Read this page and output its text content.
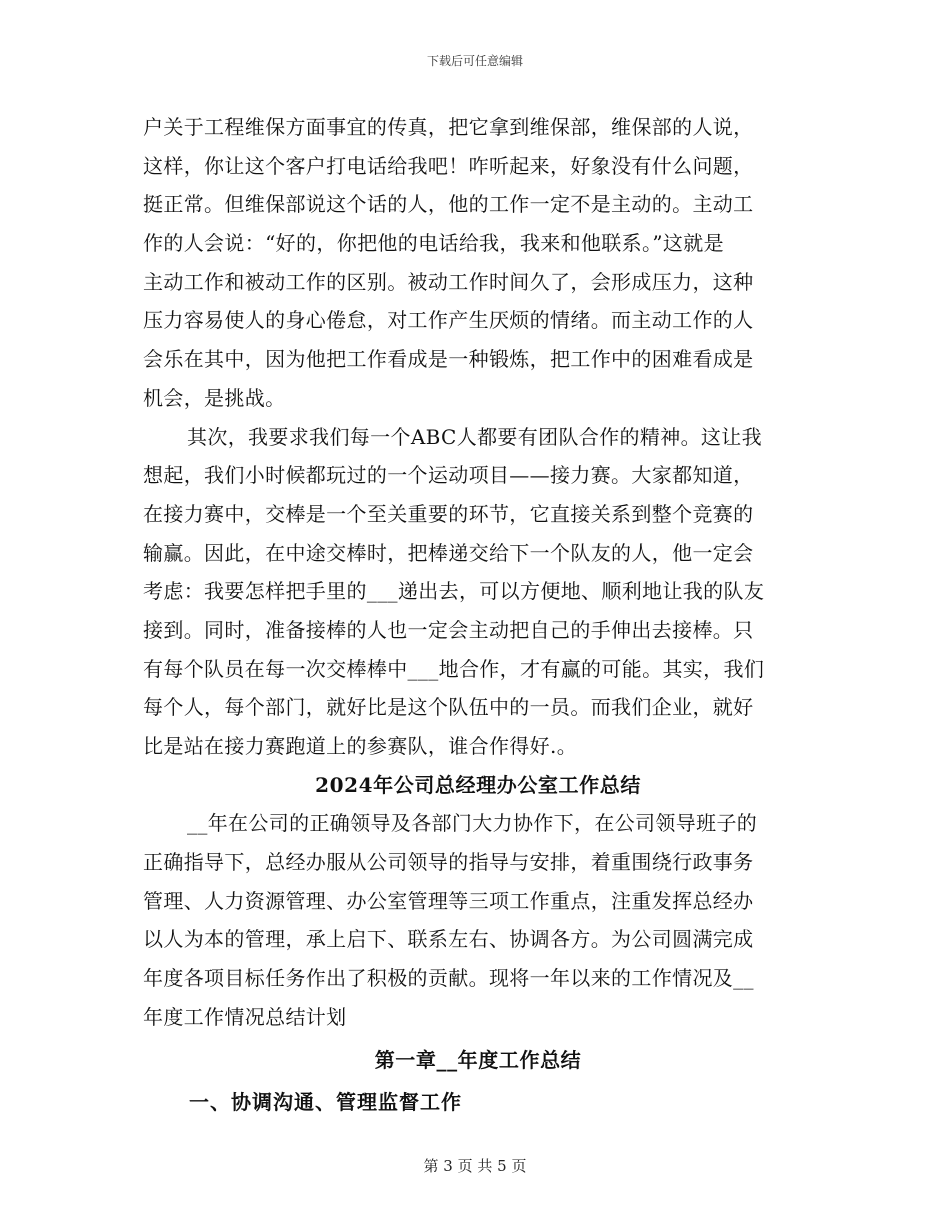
下载后可任意编辑
户关于工程维保方面事宜的传真，把它拿到维保部，维保部的人说，
这样，你让这个客户打电话给我吧！咋听起来，好象没有什么问题，
挺正常。但维保部说这个话的人，他的工作一定不是主动的。主动工
作的人会说：“好的，你把他的电话给我，我来和他联系。”这就是
主动工作和被动工作的区别。被动工作时间久了，会形成压力，这种
压力容易使人的身心倦怠，对工作产生厌烦的情绪。而主动工作的人
会乐在其中，因为他把工作看成是一种锻炼，把工作中的困难看成是
机会，是挑战。
其次，我要求我们每一个ABC人都要有团队合作的精神。这让我
想起，我们小时候都玩过的一个运动项目——接力赛。大家都知道，
在接力赛中，交棒是一个至关重要的环节，它直接关系到整个竞赛的
输赢。因此，在中途交棒时，把棒递交给下一个队友的人，他一定会
考虑：我要怎样把手里的___递出去，可以方便地、顺利地让我的队友
接到。同时，准备接棒的人也一定会主动把自己的手伸出去接棒。只
有每个队员在每一次交棒棒中___地合作，才有赢的可能。其实，我们
每个人，每个部门，就好比是这个队伍中的一员。而我们企业，就好
比是站在接力赛跑道上的参赛队，谁合作得好.。
2024年公司总经理办公室工作总结
__年在公司的正确领导及各部门大力协作下，在公司领导班子的
正确指导下，总经办服从公司领导的指导与安排，着重围绕行政事务
管理、人力资源管理、办公室管理等三项工作重点，注重发挥总经办
以人为本的管理，承上启下、联系左右、协调各方。为公司圆满完成
年度各项目标任务作出了积极的贡献。现将一年以来的工作情况及__
年度工作情况总结计划
第一章__年度工作总结
一、协调沟通、管理监督工作
第 3 页 共 5 页
